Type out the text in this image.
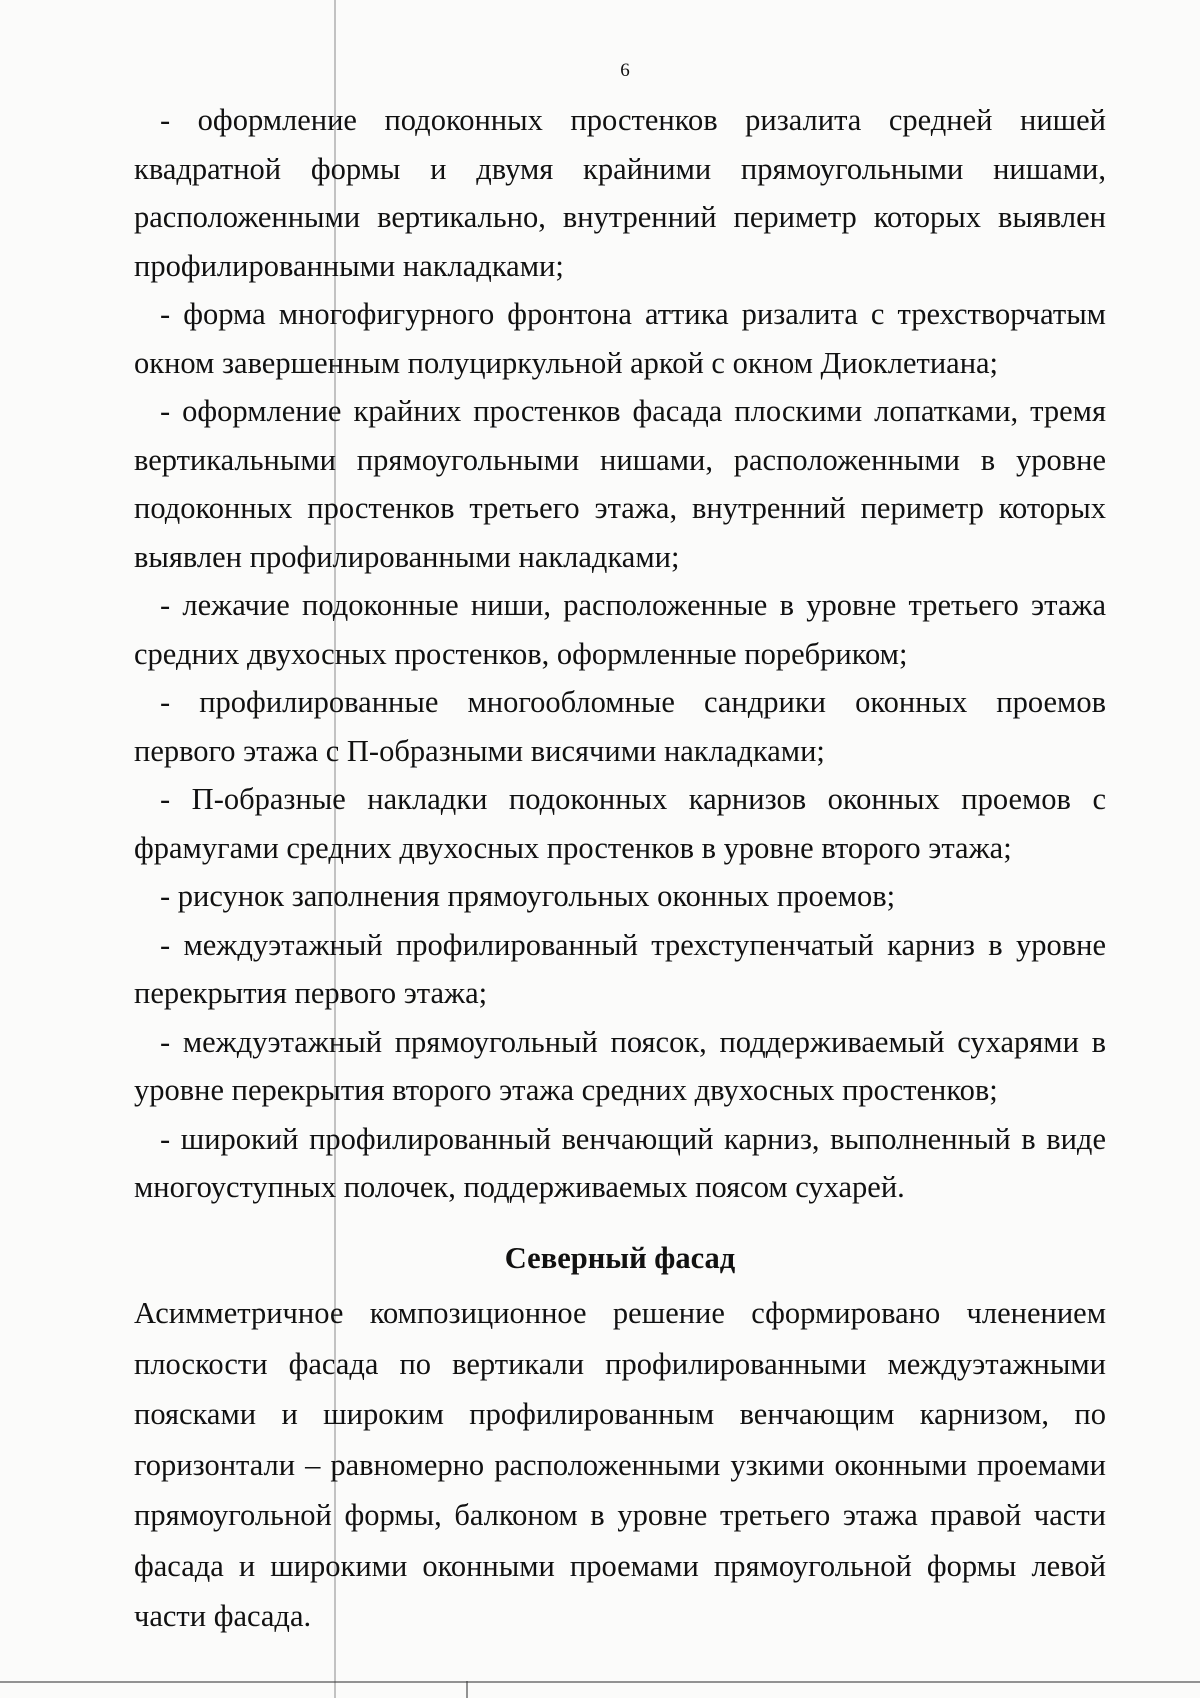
6

- оформление подоконных простенков ризалита средней нишей квадратной формы и двумя крайними прямоугольными нишами, расположенными вертикально, внутренний периметр которых выявлен профилированными накладками;

- форма многофигурного фронтона аттика ризалита с трехстворчатым окном завершенным полуциркульной аркой с окном Диоклетиана;

- оформление крайних простенков фасада плоскими лопатками, тремя вертикальными прямоугольными нишами, расположенными в уровне подоконных простенков третьего этажа, внутренний периметр которых выявлен профилированными накладками;

- лежачие подоконные ниши, расположенные в уровне третьего этажа средних двухосных простенков, оформленные поребриком;

- профилированные многообломные сандрики оконных проемов первого этажа с П-образными висячими накладками;

- П-образные накладки подоконных карнизов оконных проемов с фрамугами средних двухосных простенков в уровне второго этажа;

- рисунок заполнения прямоугольных оконных проемов;

- междуэтажный профилированный трехступенчатый карниз в уровне перекрытия первого этажа;

- междуэтажный прямоугольный поясок, поддерживаемый сухарями в уровне перекрытия второго этажа средних двухосных простенков;

- широкий профилированный венчающий карниз, выполненный в виде многоуступных полочек, поддерживаемых поясом сухарей.

Северный фасад

Асимметричное композиционное решение сформировано членением плоскости фасада по вертикали профилированными междуэтажными поясками и широким профилированным венчающим карнизом, по горизонтали – равномерно расположенными узкими оконными проемами прямоугольной формы, балконом в уровне третьего этажа правой части фасада и широкими оконными проемами прямоугольной формы левой части фасада.
